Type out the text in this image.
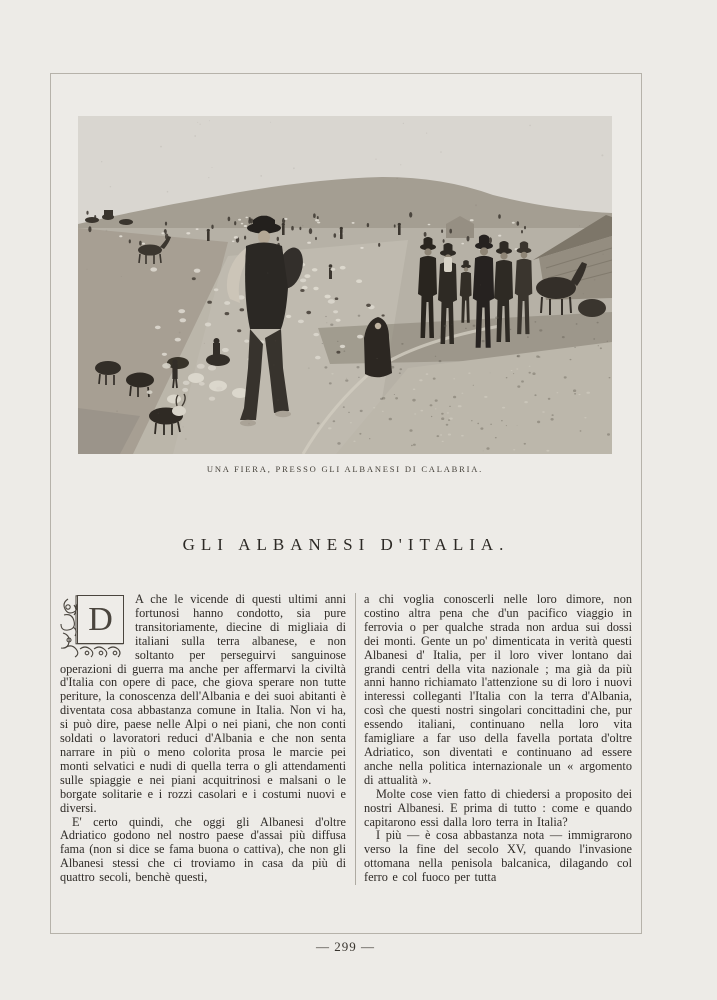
UNA FIERA, PRESSO GLI ALBANESI DI CALABRIA.
GLI ALBANESI D'ITALIA.

D
A che le vicende di questi ultimi anni fortunosi hanno condotto, sia pure transitoriamente, diecine di migliaia di italiani sulla terra albanese, e non soltanto per perseguirvi sanguinose operazioni di guerra ma anche per affermarvi la civiltà d'Italia con opere di pace, che giova sperare non tutte periture, la conoscenza dell'Albania e dei suoi abitanti è diventata cosa abbastanza comune in Italia. Non vi ha, si può dire, paese nelle Alpi o nei piani, che non conti soldati o lavoratori reduci d'Albania e che non senta narrare in più o meno colorita prosa le marcie pei monti selvatici e nudi di quella terra o gli attendamenti sulle spiaggie e nei piani acquitrinosi e malsani o le borgate solitarie e i rozzi casolari e i costumi nuovi e diversi.

E' certo quindi, che oggi gli Albanesi d'oltre Adriatico godono nel nostro paese d'assai più diffusa fama (non si dice se fama buona o cattiva), che non gli Albanesi stessi che ci troviamo in casa da più di quattro secoli, benchè questi,

a chi voglia conoscerli nelle loro dimore, non costino altra pena che d'un pacifico viaggio in ferrovia o per qualche strada non ardua sui dossi dei monti. Gente un po' dimenticata in verità questi Albanesi d' Italia, per il loro viver lontano dai grandi centri della vita nazionale ; ma già da più anni hanno richiamato l'attenzione su di loro i nuovi interessi colleganti l'Italia con la terra d'Albania, così che questi nostri singolari concittadini che, pur essendo italiani, continuano nella loro vita famigliare a far uso della favella portata d'oltre Adriatico, son diventati e continuano ad essere anche nella politica internazionale un « argomento di attualità ».

Molte cose vien fatto di chiedersi a proposito dei nostri Albanesi. E prima di tutto : come e quando capitarono essi dalla loro terra in Italia?

I più — è cosa abbastanza nota — immigrarono verso la fine del secolo XV, quando l'invasione ottomana nella penisola balcanica, dilagando col ferro e col fuoco per tutta

— 299 —
